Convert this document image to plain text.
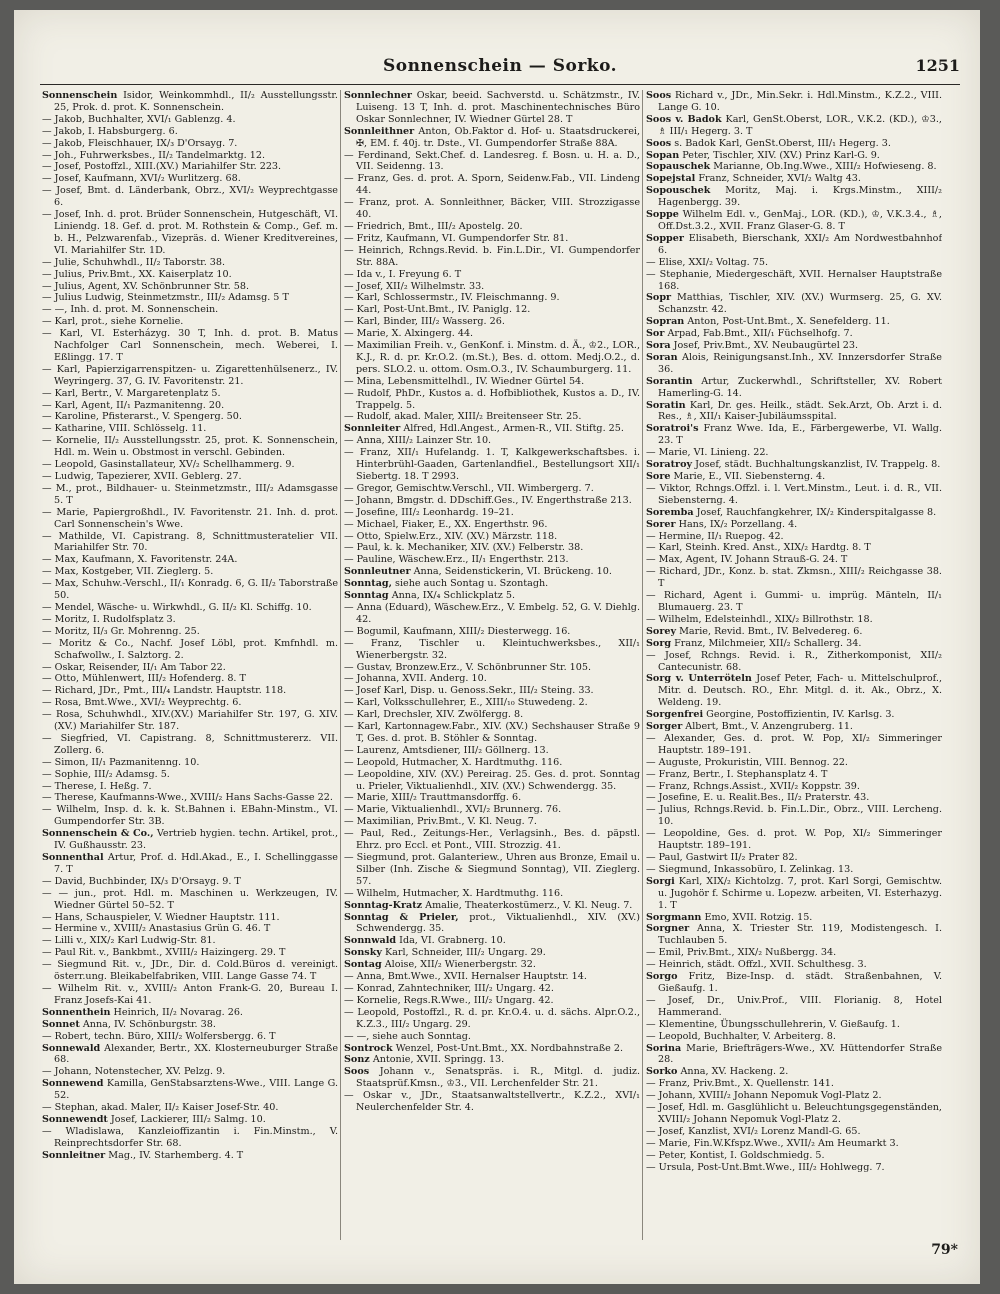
Sonnenschein — Sorko.	1251

Sonnenschein Isidor, Weinkommhdl., II/₂ Ausstellungsstr. 25, Prok. d. prot. K. Sonnenschein.

— Jakob, Buchhalter, XVI/₁ Gablenzg. 4.

— Jakob, I. Habsburgerg. 6.

— Jakob, Fleischhauer, IX/₃ D'Orsayg. 7.

— Joh., Fuhrwerksbes., II/₂ Tandelmarktg. 12.

— Josef, Postoffzl., XIII.(XV.) Mariahilfer Str. 223.

— Josef, Kaufmann, XVI/₂ Wurlitzerg. 68.

— Josef, Bmt. d. Länderbank, Obrz., XVI/₂ Weyprechtgasse 6.

— Josef, Inh. d. prot. Brüder Sonnenschein, Hutgeschäft, VI. Liniendg. 18. Gef. d. prot. M. Rothstein & Comp., Gef. m. b. H., Pelzwarenfab., Vizepräs. d. Wiener Kreditvereines, VI. Mariahilfer Str. 1D.

— Julie, Schuhwhdl., II/₂ Taborstr. 38.

— Julius, Priv.Bmt., XX. Kaiserplatz 10.

— Julius, Agent, XV. Schönbrunner Str. 58.

— Julius Ludwig, Steinmetzmstr., III/₂ Adamsg. 5 T

— —, Inh. d. prot. M. Sonnenschein.

— Karl, prot., siehe Kornelie.

— Karl, VI. Esterházyg. 30 T, Inh. d. prot. B. Matus Nachfolger Carl Sonnenschein, mech. Weberei, I. Eßlingg. 17. T

— Karl, Papierzigarrenspitzen- u. Zigarettenhülsenerz., IV. Weyringerg. 37, G. IV. Favoritenstr. 21.

— Karl, Bertr., V. Margaretenplatz 5.

— Karl, Agent, II/₁ Pazmanitenng. 20.

— Karoline, Pfisterarst., V. Spengerg. 50.

— Katharine, VIII. Schlösselg. 11.

— Kornelie, II/₂ Ausstellungsstr. 25, prot. K. Sonnenschein, Hdl. m. Wein u. Obstmost in verschl. Gebinden.

— Leopold, Gasinstallateur, XV/₂ Schellhammerg. 9.

— Ludwig, Tapezierer, XVII. Geblerg. 27.

— M., prot., Bildhauer- u. Steinmetzmstr., III/₂ Adamsgasse 5. T

— Marie, Papiergroßhdl., IV. Favoritenstr. 21. Inh. d. prot. Carl Sonnenschein's Wwe.

— Mathilde, VI. Capistrang. 8, Schnittmusteratelier VII. Mariahilfer Str. 70.

— Max, Kaufmann, X. Favoritenstr. 24A.

— Max, Kostgeber, VII. Zieglerg. 5.

— Max, Schuhw.-Verschl., II/₁ Konradg. 6, G. II/₂ Taborstraße 50.

— Mendel, Wäsche- u. Wirkwhdl., G. II/₂ Kl. Schiffg. 10.

— Moritz, I. Rudolfsplatz 3.

— Moritz, II/₃ Gr. Mohrenng. 25.

— Moritz & Co., Nachf. Josef Löbl, prot. Kmfnhdl. m. Schafwollw., I. Salztorg. 2.

— Oskar, Reisender, II/₁ Am Tabor 22.

— Otto, Mühlenwert, III/₂ Hofenderg. 8. T

— Richard, JDr., Pmt., III/₄ Landstr. Hauptstr. 118.

— Rosa, Bmt.Wwe., XVI/₂ Weyprechtg. 6.

— Rosa, Schuhwhdl., XIV.(XV.) Mariahilfer Str. 197, G. XIV. (XV.) Mariahilfer Str. 187.

— Siegfried, VI. Capistrang. 8, Schnittmustererz. VII. Zollerg. 6.

— Simon, II/₁ Pazmanitenng. 10.

— Sophie, III/₂ Adamsg. 5.

— Therese, I. Heßg. 7.

— Therese, Kaufmanns-Wwe., XVIII/₂ Hans Sachs-Gasse 22.

— Wilhelm, Insp. d. k. k. St.Bahnen i. EBahn-Minstm., VI. Gumpendorfer Str. 3B.

Sonnenschein & Co., Vertrieb hygien. techn. Artikel, prot., IV. Gußhausstr. 23.

Sonnenthal Artur, Prof. d. Hdl.Akad., E., I. Schellinggasse 7. T

— David, Buchbinder, IX/₃ D'Orsayg. 9. T

— — jun., prot. Hdl. m. Maschinen u. Werkzeugen, IV. Wiedner Gürtel 50–52. T

— Hans, Schauspieler, V. Wiedner Hauptstr. 111.

— Hermine v., XVIII/₂ Anastasius Grün G. 46. T

— Lilli v., XIX/₂ Karl Ludwig-Str. 81.

— Paul Rit. v., Bankbmt., XVIII/₂ Haizingerg. 29. T

— Siegmund Rit. v., JDr., Dir. d. Cold.Büros d. vereinigt. österr.ung. Bleikabelfabriken, VIII. Lange Gasse 74. T

— Wilhelm Rit. v., XVIII/₂ Anton Frank-G. 20, Bureau I. Franz Josefs-Kai 41.

Sonnenthein Heinrich, II/₂ Novarag. 26.

Sonnet Anna, IV. Schönburgstr. 38.

— Robert, techn. Büro, XIII/₂ Wolfersbergg. 6. T

Sonnewald Alexander, Bertr., XX. Klosterneuburger Straße 68.

— Johann, Notenstecher, XV. Pelzg. 9.

Sonnewend Kamilla, GenStabsarztens-Wwe., VIII. Lange G. 52.

— Stephan, akad. Maler, II/₂ Kaiser Josef-Str. 40.

Sonnewendt Josef, Lackierer, III/₂ Salmg. 10.

— Wladislawa, Kanzleioffizantin i. Fin.Minstm., V. Reinprechtsdorfer Str. 68.

Sonnleitner Mag., IV. Starhemberg. 4. T

Sonnlechner Oskar, beeid. Sachverstd. u. Schätzmstr., IV. Luiseng. 13 T, Inh. d. prot. Maschinentechnisches Büro Oskar Sonnlechner, IV. Wiedner Gürtel 28. T

Sonnleithner Anton, Ob.Faktor d. Hof- u. Staatsdruckerei, ✠, EM. f. 40j. tr. Dste., VI. Gumpendorfer Straße 88A.

— Ferdinand, Sekt.Chef. d. Landesreg. f. Bosn. u. H. a. D., VII. Seidenng. 13.

— Franz, Ges. d. prot. A. Sporn, Seidenw.Fab., VII. Lindeng 44.

— Franz, prot. A. Sonnleithner, Bäcker, VIII. Strozzigasse 40.

— Friedrich, Bmt., III/₂ Apostelg. 20.

— Fritz, Kaufmann, VI. Gumpendorfer Str. 81.

— Heinrich, Rchngs.Revid. b. Fin.L.Dir., VI. Gumpendorfer Str. 88A.

— Ida v., I. Freyung 6. T

— Josef, XII/₂ Wilhelmstr. 33.

— Karl, Schlossermstr., IV. Fleischmanng. 9.

— Karl, Post-Unt.Bmt., IV. Paniglg. 12.

— Karl, Binder, III/₂ Wasserg. 26.

— Marie, X. Alxingerg. 44.

— Maximilian Freih. v., GenKonf. i. Minstm. d. Ä., ♔2., LOR., K.J., R. d. pr. Kr.O.2. (m.St.), Bes. d. ottom. Medj.O.2., d. pers. SLO.2. u. ottom. Osm.O.3., IV. Schaumburgerg. 11.

— Mina, Lebensmittelhdl., IV. Wiedner Gürtel 54.

— Rudolf, PhDr., Kustos a. d. Hofbibliothek, Kustos a. D., IV. Trappelg. 5.

— Rudolf, akad. Maler, XIII/₂ Breitenseer Str. 25.

Sonnleiter Alfred, Hdl.Angest., Armen-R., VII. Stiftg. 25.

— Anna, XIII/₂ Lainzer Str. 10.

— Franz, XII/₁ Hufelandg. 1. T, Kalkgewerkschaftsbes. i. Hinterbrühl-Gaaden, Gartenlandfiel., Bestellungsort XII/₁ Siebertg. 18. T 2993.

— Gregor, Gemischtw.Verschl., VII. Wimbergerg. 7.

— Johann, Bmgstr. d. DDschiff.Ges., IV. Engerthstraße 213.

— Josefine, III/₂ Leonhardg. 19–21.

— Michael, Fiaker, E., XX. Engerthstr. 96.

— Otto, Spielw.Erz., XIV. (XV.) Märzstr. 118.

— Paul, k. k. Mechaniker, XIV. (XV.) Felberstr. 38.

— Pauline, Wäschew.Erz., II/₁ Engerthstr. 213.

Sonnleutner Anna, Seidenstickerin, VI. Brückeng. 10.

Sonntag, siehe auch Sontag u. Szontagh.

Sonntag Anna, IX/₄ Schlickplatz 5.

— Anna (Eduard), Wäschew.Erz., V. Embelg. 52, G. V. Diehlg. 42.

— Bogumil, Kaufmann, XIII/₂ Diesterwegg. 16.

— Franz, Tischler u. Kleintuchwerksbes., XII/₁ Wienerbergstr. 32.

— Gustav, Bronzew.Erz., V. Schönbrunner Str. 105.

— Johanna, XVII. Anderg. 10.

— Josef Karl, Disp. u. Genoss.Sekr., III/₂ Steing. 33.

— Karl, Volksschullehrer, E., XIII/₁₀ Stuwedeng. 2.

— Karl, Drechsler, XIV. Zwölfergg. 8.

— Karl, Kartonnagew.Fabr., XIV. (XV.) Sechshauser Straße 9 T, Ges. d. prot. B. Stöhler & Sonntag.

— Laurenz, Amtsdiener, III/₂ Göllnerg. 13.

— Leopold, Hutmacher, X. Hardtmuthg. 116.

— Leopoldine, XIV. (XV.) Pereirag. 25. Ges. d. prot. Sonntag u. Prieler, Viktualienhdl., XIV. (XV.) Schwendergg. 35.

— Marie, XIII/₂ Trauttmansdorffg. 6.

— Marie, Viktualienhdl., XVI/₂ Brunnerg. 76.

— Maximilian, Priv.Bmt., V. Kl. Neug. 7.

— Paul, Red., Zeitungs-Her., Verlagsinh., Bes. d. päpstl. Ehrz. pro Eccl. et Pont., VIII. Strozzig. 41.

— Siegmund, prot. Galanteriew., Uhren aus Bronze, Email u. Silber (Inh. Zische & Siegmund Sonntag), VII. Zieglerg. 57.

— Wilhelm, Hutmacher, X. Hardtmuthg. 116.

Sonntag-Kratz Amalie, Theaterkostümerz., V. Kl. Neug. 7.

Sonntag & Prieler, prot., Viktualienhdl., XIV. (XV.) Schwendergg. 35.

Sonnwald Ida, VI. Grabnerg. 10.

Sonsky Karl, Schneider, III/₂ Ungarg. 29.

Sontag Aloise, XII/₂ Wienerbergstr. 32.

— Anna, Bmt.Wwe., XVII. Hernalser Hauptstr. 14.

— Konrad, Zahntechniker, III/₂ Ungarg. 42.

— Kornelie, Regs.R.Wwe., III/₂ Ungarg. 42.

— Leopold, Postoffzl., R. d. pr. Kr.O.4. u. d. sächs. Alpr.O.2., K.Z.3., III/₂ Ungarg. 29.

— —, siehe auch Sonntag.

Sontrock Wenzel, Post-Unt.Bmt., XX. Nordbahnstraße 2.

Sonz Antonie, XVII. Springg. 13.

Soos Johann v., Senatspräs. i. R., Mitgl. d. judiz. Staatsprüf.Kmsn., ♔3., VII. Lerchenfelder Str. 21.

— Oskar v., JDr., Staatsanwaltstellvertr., K.Z.2., XVI/₁ Neulerchenfelder Str. 4.

Soos Richard v., JDr., Min.Sekr. i. Hdl.Minstm., K.Z.2., VIII. Lange G. 10.

Soos v. Badok Karl, GenSt.Oberst, LOR., V.K.2. (KD.), ♔3., ♗ III/₁ Hegerg. 3. T

Soos s. Badok Karl, GenSt.Oberst, III/₁ Hegerg. 3.

Sopan Peter, Tischler, XIV. (XV.) Prinz Karl-G. 9.

Sopauschek Marianne, Ob.Ing.Wwe., XIII/₂ Hofwieseng. 8.

Sopejstal Franz, Schneider, XVI/₂ Waltg 43.

Sopouschek Moritz, Maj. i. Krgs.Minstm., XIII/₂ Hagenbergg. 39.

Soppe Wilhelm Edl. v., GenMaj., LOR. (KD.), ♔, V.K.3.4., ♗, Off.Dst.3.2., XVII. Franz Glaser-G. 8. T

Sopper Elisabeth, Bierschank, XXI/₂ Am Nordwestbahnhof 6.

— Elise, XXI/₂ Voltag. 75.

— Stephanie, Miedergeschäft, XVII. Hernalser Hauptstraße 168.

Sopr Matthias, Tischler, XIV. (XV.) Wurmserg. 25, G. XV. Schanzstr. 42.

Sopran Anton, Post-Unt.Bmt., X. Senefelderg. 11.

Sor Arpad, Fab.Bmt., XII/₁ Füchselhofg. 7.

Sora Josef, Priv.Bmt., XV. Neubaugürtel 23.

Soran Alois, Reinigungsanst.Inh., XV. Innzersdorfer Straße 36.

Sorantin Artur, Zuckerwhdl., Schriftsteller, XV. Robert Hamerling-G. 14.

Soratin Karl, Dr. ges. Heilk., städt. Sek.Arzt, Ob. Arzt i. d. Res., ♗, XII/₁ Kaiser-Jubiläumsspital.

Soratroi's Franz Wwe. Ida, E., Färbergewerbe, VI. Wallg. 23. T

— Marie, VI. Linieng. 22.

Soratroy Josef, städt. Buchhaltungskanzlist, IV. Trappelg. 8.

Sore Marie, E., VII. Siebensterng. 4.

— Viktor, Rchngs.Offzl. i. l. Vert.Minstm., Leut. i. d. R., VII. Siebensterng. 4.

Soremba Josef, Rauchfangkehrer, IX/₂ Kinderspitalgasse 8.

Sorer Hans, IX/₂ Porzellang. 4.

— Hermine, II/₁ Ruepog. 42.

— Karl, Steinh. Kred. Anst., XIX/₂ Hardtg. 8. T

— Max, Agent, IV. Johann Strauß-G. 24. T

— Richard, JDr., Konz. b. stat. Zkmsn., XIII/₂ Reichgasse 38. T

— Richard, Agent i. Gummi- u. imprüg. Mänteln, II/₁ Blumauerg. 23. T

— Wilhelm, Edelsteinhdl., XIX/₂ Billrothstr. 18.

Sorey Marie, Revid. Bmt., IV. Belvedereg. 6.

Sorg Franz, Milchmeier, XII/₂ Schallerg. 34.

— Josef, Rchngs. Revid. i. R., Zitherkomponist, XII/₂ Cantecunistr. 68.

Sorg v. Unterröteln Josef Peter, Fach- u. Mittelschulprof., Mitr. d. Deutsch. RO., Ehr. Mitgl. d. it. Ak., Obrz., X. Weldeng. 19.

Sorgenfrei Georgine, Postoffizientin, IV. Karlsg. 3.

Sorger Albert, Bmt., V. Anzengruberg. 11.

— Alexander, Ges. d. prot. W. Pop, XI/₂ Simmeringer Hauptstr. 189–191.

— Auguste, Prokuristin, VIII. Bennog. 22.

— Franz, Bertr., I. Stephansplatz 4. T

— Franz, Rchngs.Assist., XVII/₂ Koppstr. 39.

— Josefine, E. u. Realit.Bes., II/₂ Praterstr. 43.

— Julius, Rchngs.Revid. b. Fin.L.Dir., Obrz., VIII. Lercheng. 10.

— Leopoldine, Ges. d. prot. W. Pop, XI/₂ Simmeringer Hauptstr. 189–191.

— Paul, Gastwirt II/₂ Prater 82.

— Siegmund, Inkassobüro, I. Zelinkag. 13.

Sorgi Karl, XIX/₂ Kichtolzg. 7, prot. Karl Sorgi, Gemischtw. u. Jugohör f. Schirme u. Lopezw. arbeiten, VI. Esterhazyg. 1. T

Sorgmann Emo, XVII. Rotzig. 15.

Sorgner Anna, X. Triester Str. 119, Modistengesch. I. Tuchlauben 5.

— Emil, Priv.Bmt., XIX/₂ Nußbergg. 34.

— Heinrich, städt. Offzl., XVII. Schulthesg. 3.

Sorgo Fritz, Bize-Insp. d. städt. Straßenbahnen, V. Gießaufg. 1.

— Josef, Dr., Univ.Prof., VIII. Florianig. 8, Hotel Hammerand.

— Klementine, Übungsschullehrerin, V. Gießaufg. 1.

— Leopold, Buchhalter, V. Arbeiterg. 8.

Sorina Marie, Briefträgers-Wwe., XV. Hüttendorfer Straße 28.

Sorko Anna, XV. Hackeng. 2.

— Franz, Priv.Bmt., X. Quellenstr. 141.

— Johann, XVIII/₂ Johann Nepomuk Vogl-Platz 2.

— Josef, Hdl. m. Gasglühlicht u. Beleuchtungsgegenständen, XVIII/₂ Johann Nepomuk Vogl-Platz 2.

— Josef, Kanzlist, XVI/₂ Lorenz Mandl-G. 65.

— Marie, Fin.W.Kfspz.Wwe., XVII/₂ Am Heumarkt 3.

— Peter, Kontist, I. Goldschmiedg. 5.

— Ursula, Post-Unt.Bmt.Wwe., III/₂ Hohlwegg. 7.

79*
